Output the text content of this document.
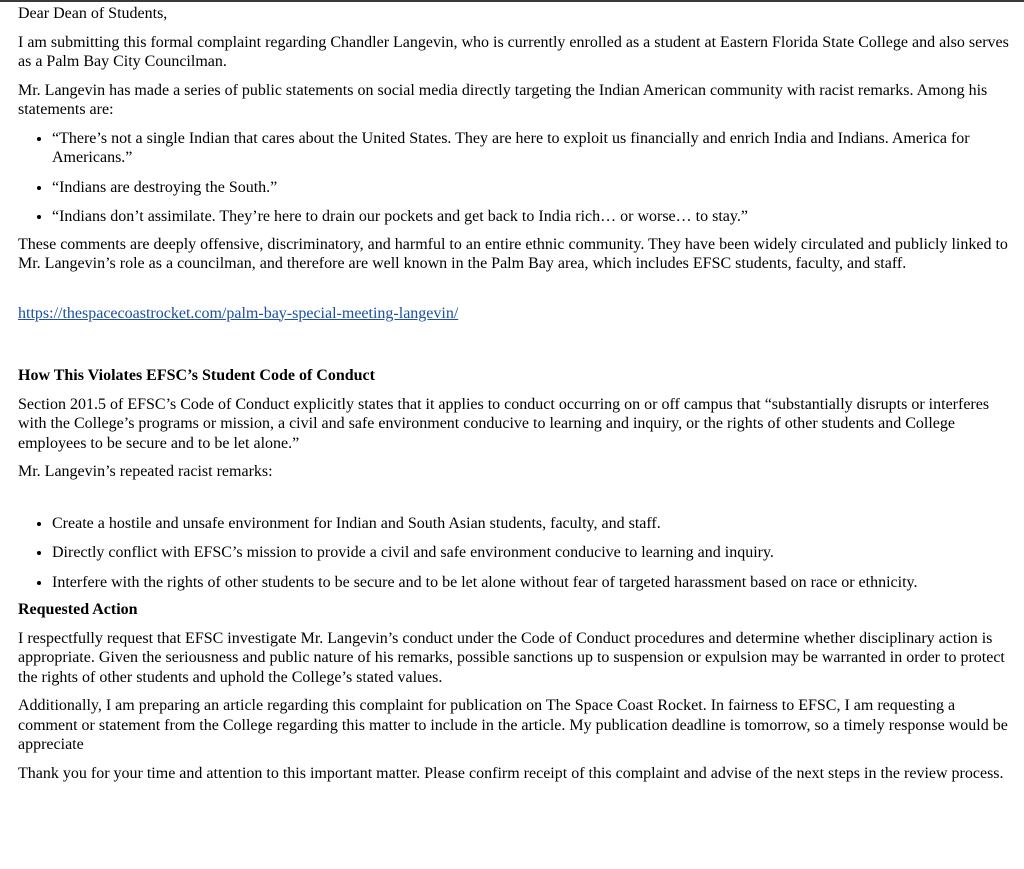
Dear Dean of Students,

I am submitting this formal complaint regarding Chandler Langevin, who is currently enrolled as a student at Eastern Florida State College and also serves as a Palm Bay City Councilman.

Mr. Langevin has made a series of public statements on social media directly targeting the Indian American community with racist remarks. Among his statements are:

• “There’s not a single Indian that cares about the United States. They are here to exploit us financially and enrich India and Indians. America for Americans.”
• “Indians are destroying the South.”
• “Indians don’t assimilate. They’re here to drain our pockets and get back to India rich… or worse… to stay.”

These comments are deeply offensive, discriminatory, and harmful to an entire ethnic community. They have been widely circulated and publicly linked to Mr. Langevin’s role as a councilman, and therefore are well known in the Palm Bay area, which includes EFSC students, faculty, and staff.

https://thespacecoastrocket.com/palm-bay-special-meeting-langevin/

How This Violates EFSC’s Student Code of Conduct

Section 201.5 of EFSC’s Code of Conduct explicitly states that it applies to conduct occurring on or off campus that “substantially disrupts or interferes with the College’s programs or mission, a civil and safe environment conducive to learning and inquiry, or the rights of other students and College employees to be secure and to be let alone.”

Mr. Langevin’s repeated racist remarks:

• Create a hostile and unsafe environment for Indian and South Asian students, faculty, and staff.
• Directly conflict with EFSC’s mission to provide a civil and safe environment conducive to learning and inquiry.
• Interfere with the rights of other students to be secure and to be let alone without fear of targeted harassment based on race or ethnicity.

Requested Action

I respectfully request that EFSC investigate Mr. Langevin’s conduct under the Code of Conduct procedures and determine whether disciplinary action is appropriate. Given the seriousness and public nature of his remarks, possible sanctions up to suspension or expulsion may be warranted in order to protect the rights of other students and uphold the College’s stated values.

Additionally, I am preparing an article regarding this complaint for publication on The Space Coast Rocket. In fairness to EFSC, I am requesting a comment or statement from the College regarding this matter to include in the article. My publication deadline is tomorrow, so a timely response would be appreciate

Thank you for your time and attention to this important matter. Please confirm receipt of this complaint and advise of the next steps in the review process.
